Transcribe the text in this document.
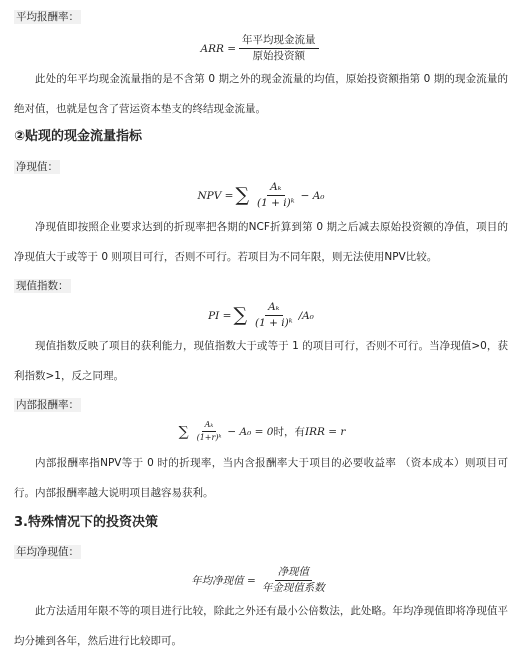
平均报酬率：
ARR = $\frac{\text{年平均现金流量}}{\text{原始投资额}}$

此处的年平均现金流量指的是不含第 0 期之外的现金流量的均值，原始投资额指第 0 期的现金流量的绝对值，也就是包含了营运资本垫支的终结现金流量。

②贴现的现金流量指标
净现值：
NPV = ∑ $\frac{\text{Aₖ}}{\text{(1 + i)ᵏ}} - A_0$

净现值即按照企业要求达到的折现率把各期的NCF折算到第 0 期之后减去原始投资额的净值，项目的净现值大于或等于 0 则项目可行，否则不可行。若项目为不同年限，则无法使用NPV比较。

现值指数：
PI = ∑ $\frac{\text{Aₖ}}{\text{(1 + i)ᵏ}} /A_0$

现值指数反映了项目的获利能力，现值指数大于或等于 1 的项目可行，否则不可行。当净现值>0，获利指数>1，反之同理。

内部报酬率：
∑ $\frac{\text{Aₖ}}{\text{(1+r)ᵏ}} - A_0 = 0$ 时，有 IRR = r

内部报酬率指NPV等于 0 时的折现率，当内含报酬率大于项目的必要收益率 （资本成本）则项目可行。内部报酬率越大说明项目越容易获利。

3.特殊情况下的投资决策
年均净现值：
年均净现值 = $\frac{\text{净现值}}{\text{年金现值系数}}$

此方法适用年限不等的项目进行比较，除此之外还有最小公倍数法，此处略。年均净现值即将净现值平均分摊到各年，然后进行比较即可。
